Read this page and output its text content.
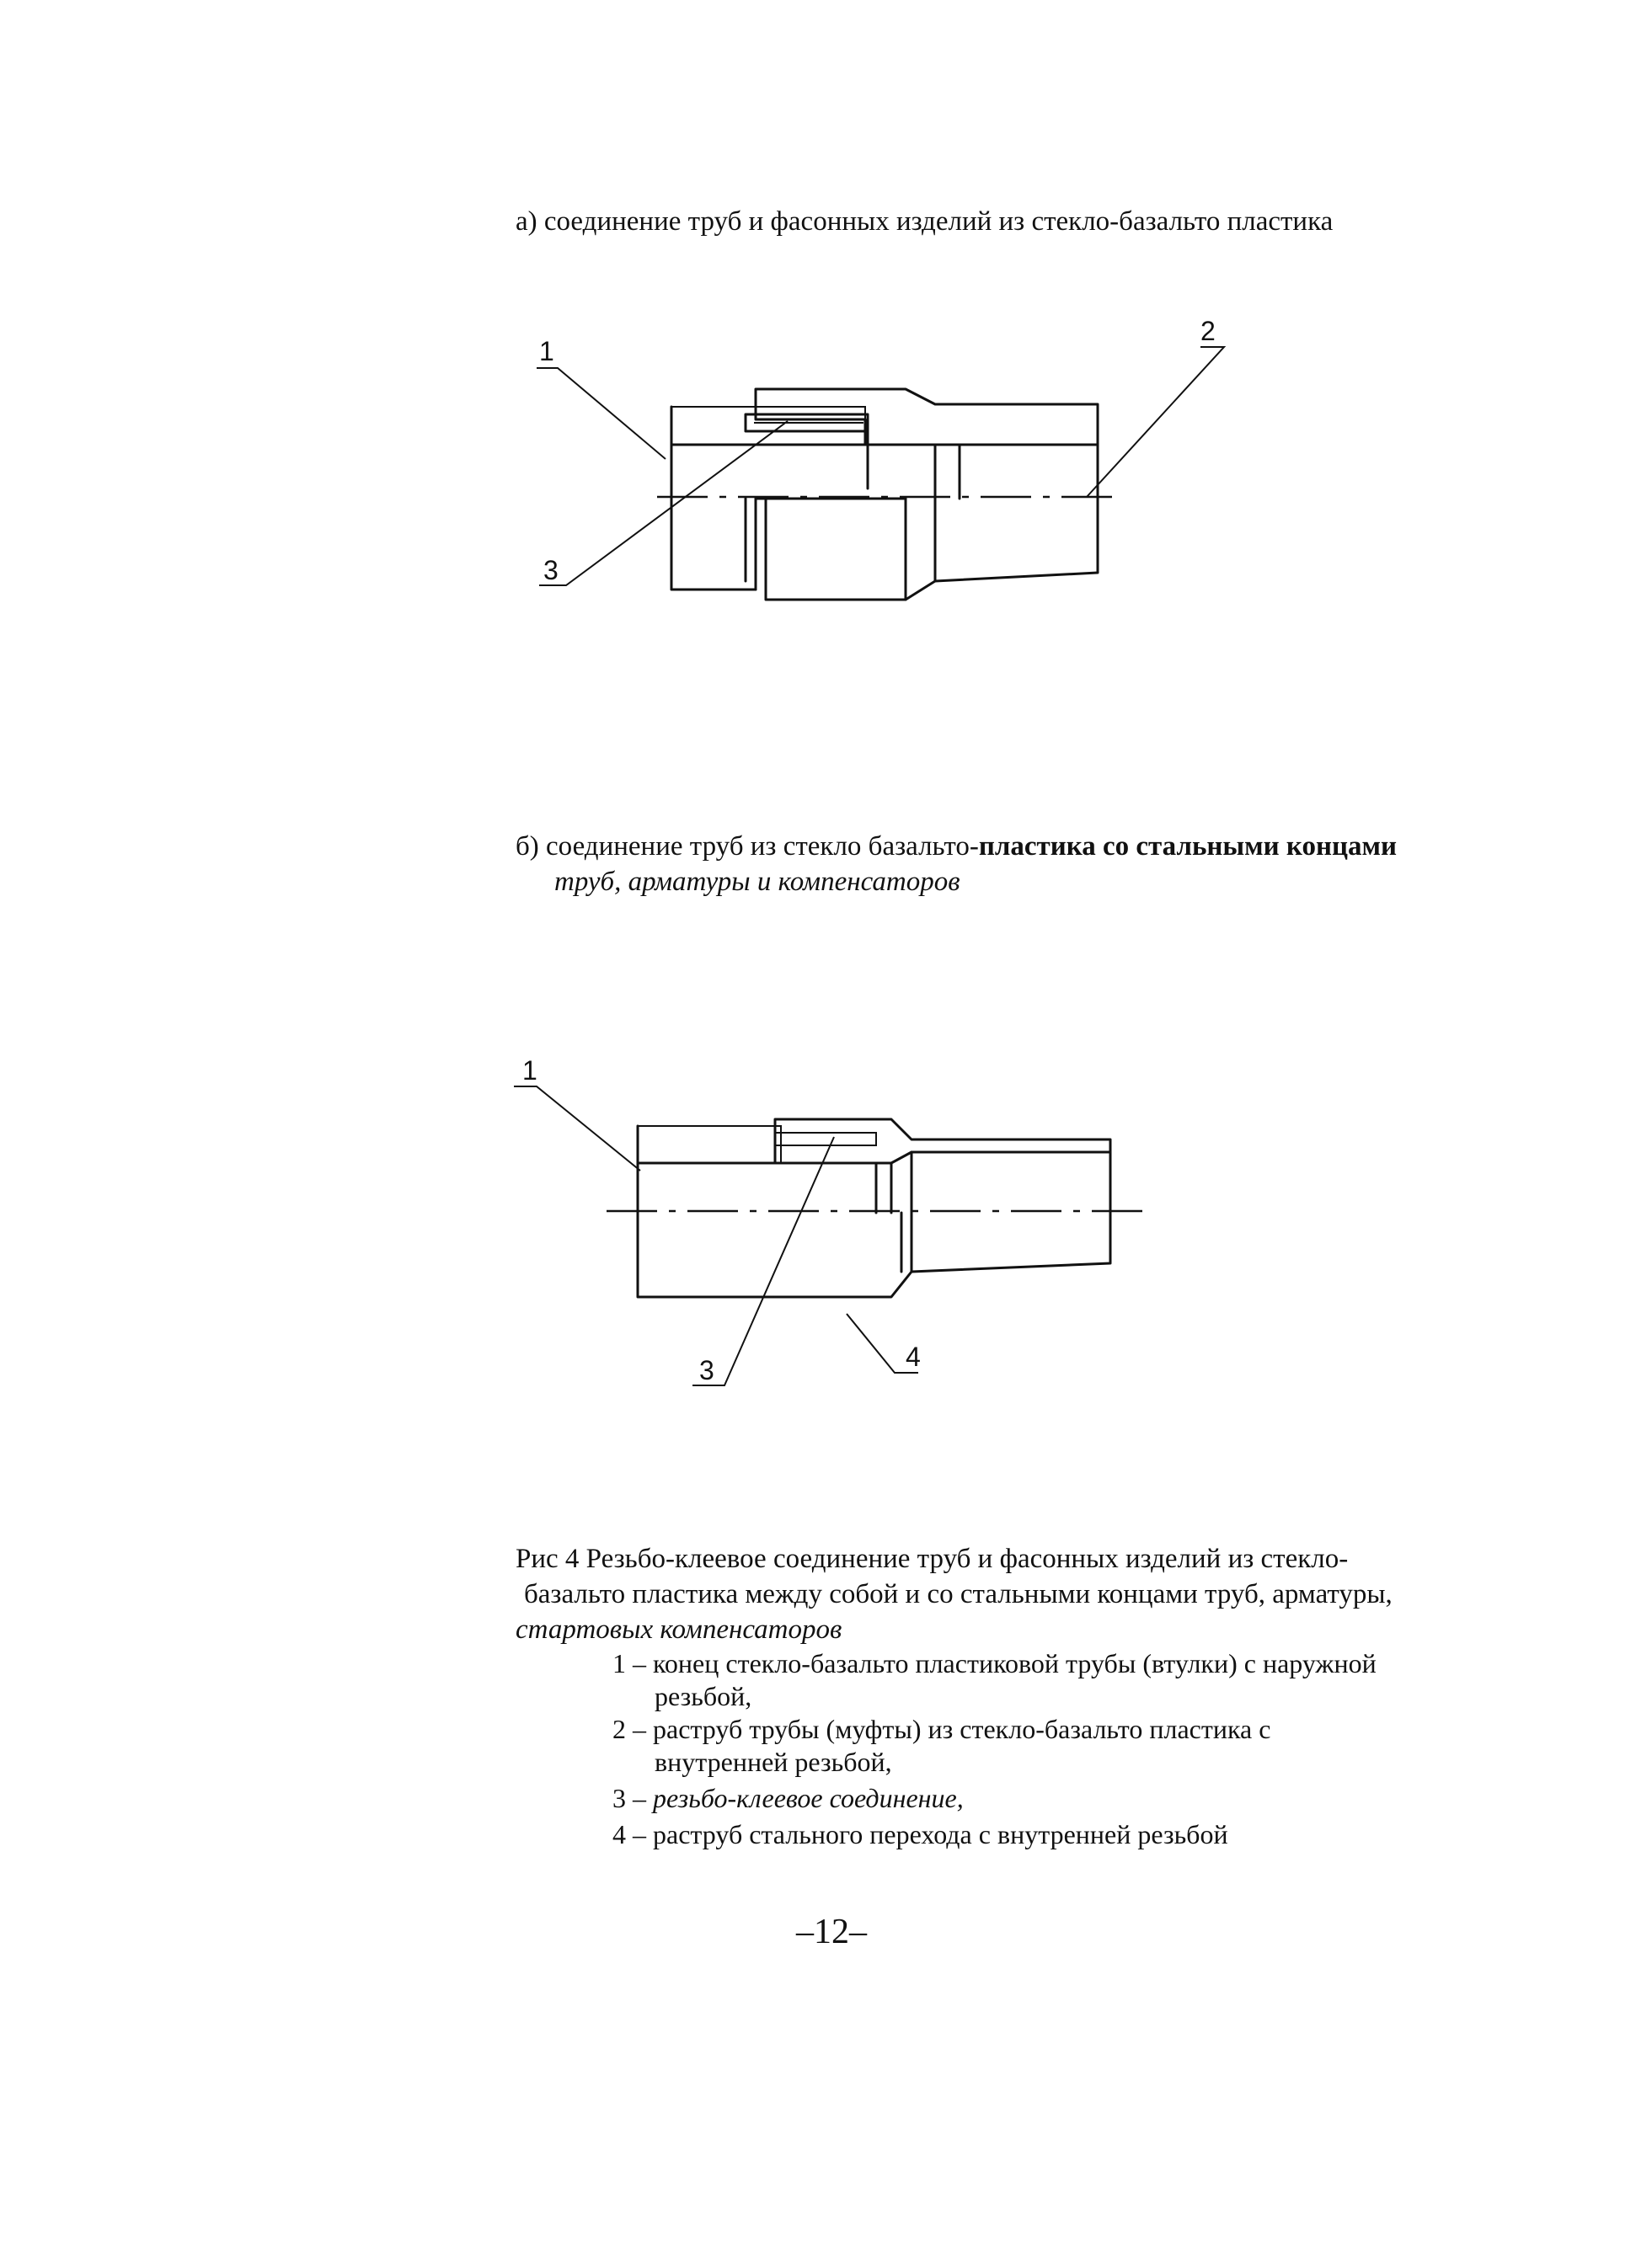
а) соединение труб и фасонных изделий из стекло-базальто пластика
1
2
3
б) соединение труб из стекло базальто-пластика со стальными концами
труб, арматуры и компенсаторов
1
3	4
Рис 4 Резьбо-клеевое соединение труб и фасонных изделий из стекло-
базальто пластика между собой и со стальными концами труб, арматуры,
стартовых компенсаторов
1 – конец стекло-базальто пластиковой трубы (втулки) с наружной
резьбой,
2 – раструб трубы (муфты) из стекло-базальто пластика с
внутренней резьбой,
3 – резьбо-клеевое соединение,
4 – раструб стального перехода с внутренней резьбой
–12–
